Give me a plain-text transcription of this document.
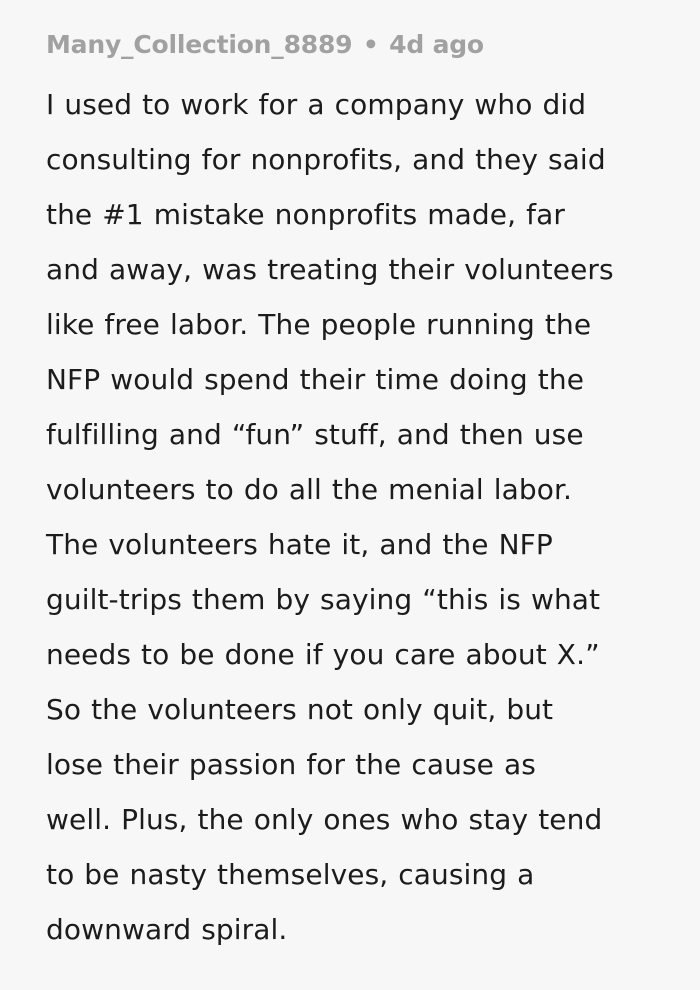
Many_Collection_8889 • 4d ago
I used to work for a company who did
consulting for nonprofits, and they said
the #1 mistake nonprofits made, far
and away, was treating their volunteers
like free labor. The people running the
NFP would spend their time doing the
fulfilling and “fun” stuff, and then use
volunteers to do all the menial labor.
The volunteers hate it, and the NFP
guilt-trips them by saying “this is what
needs to be done if you care about X.”
So the volunteers not only quit, but
lose their passion for the cause as
well. Plus, the only ones who stay tend
to be nasty themselves, causing a
downward spiral.
